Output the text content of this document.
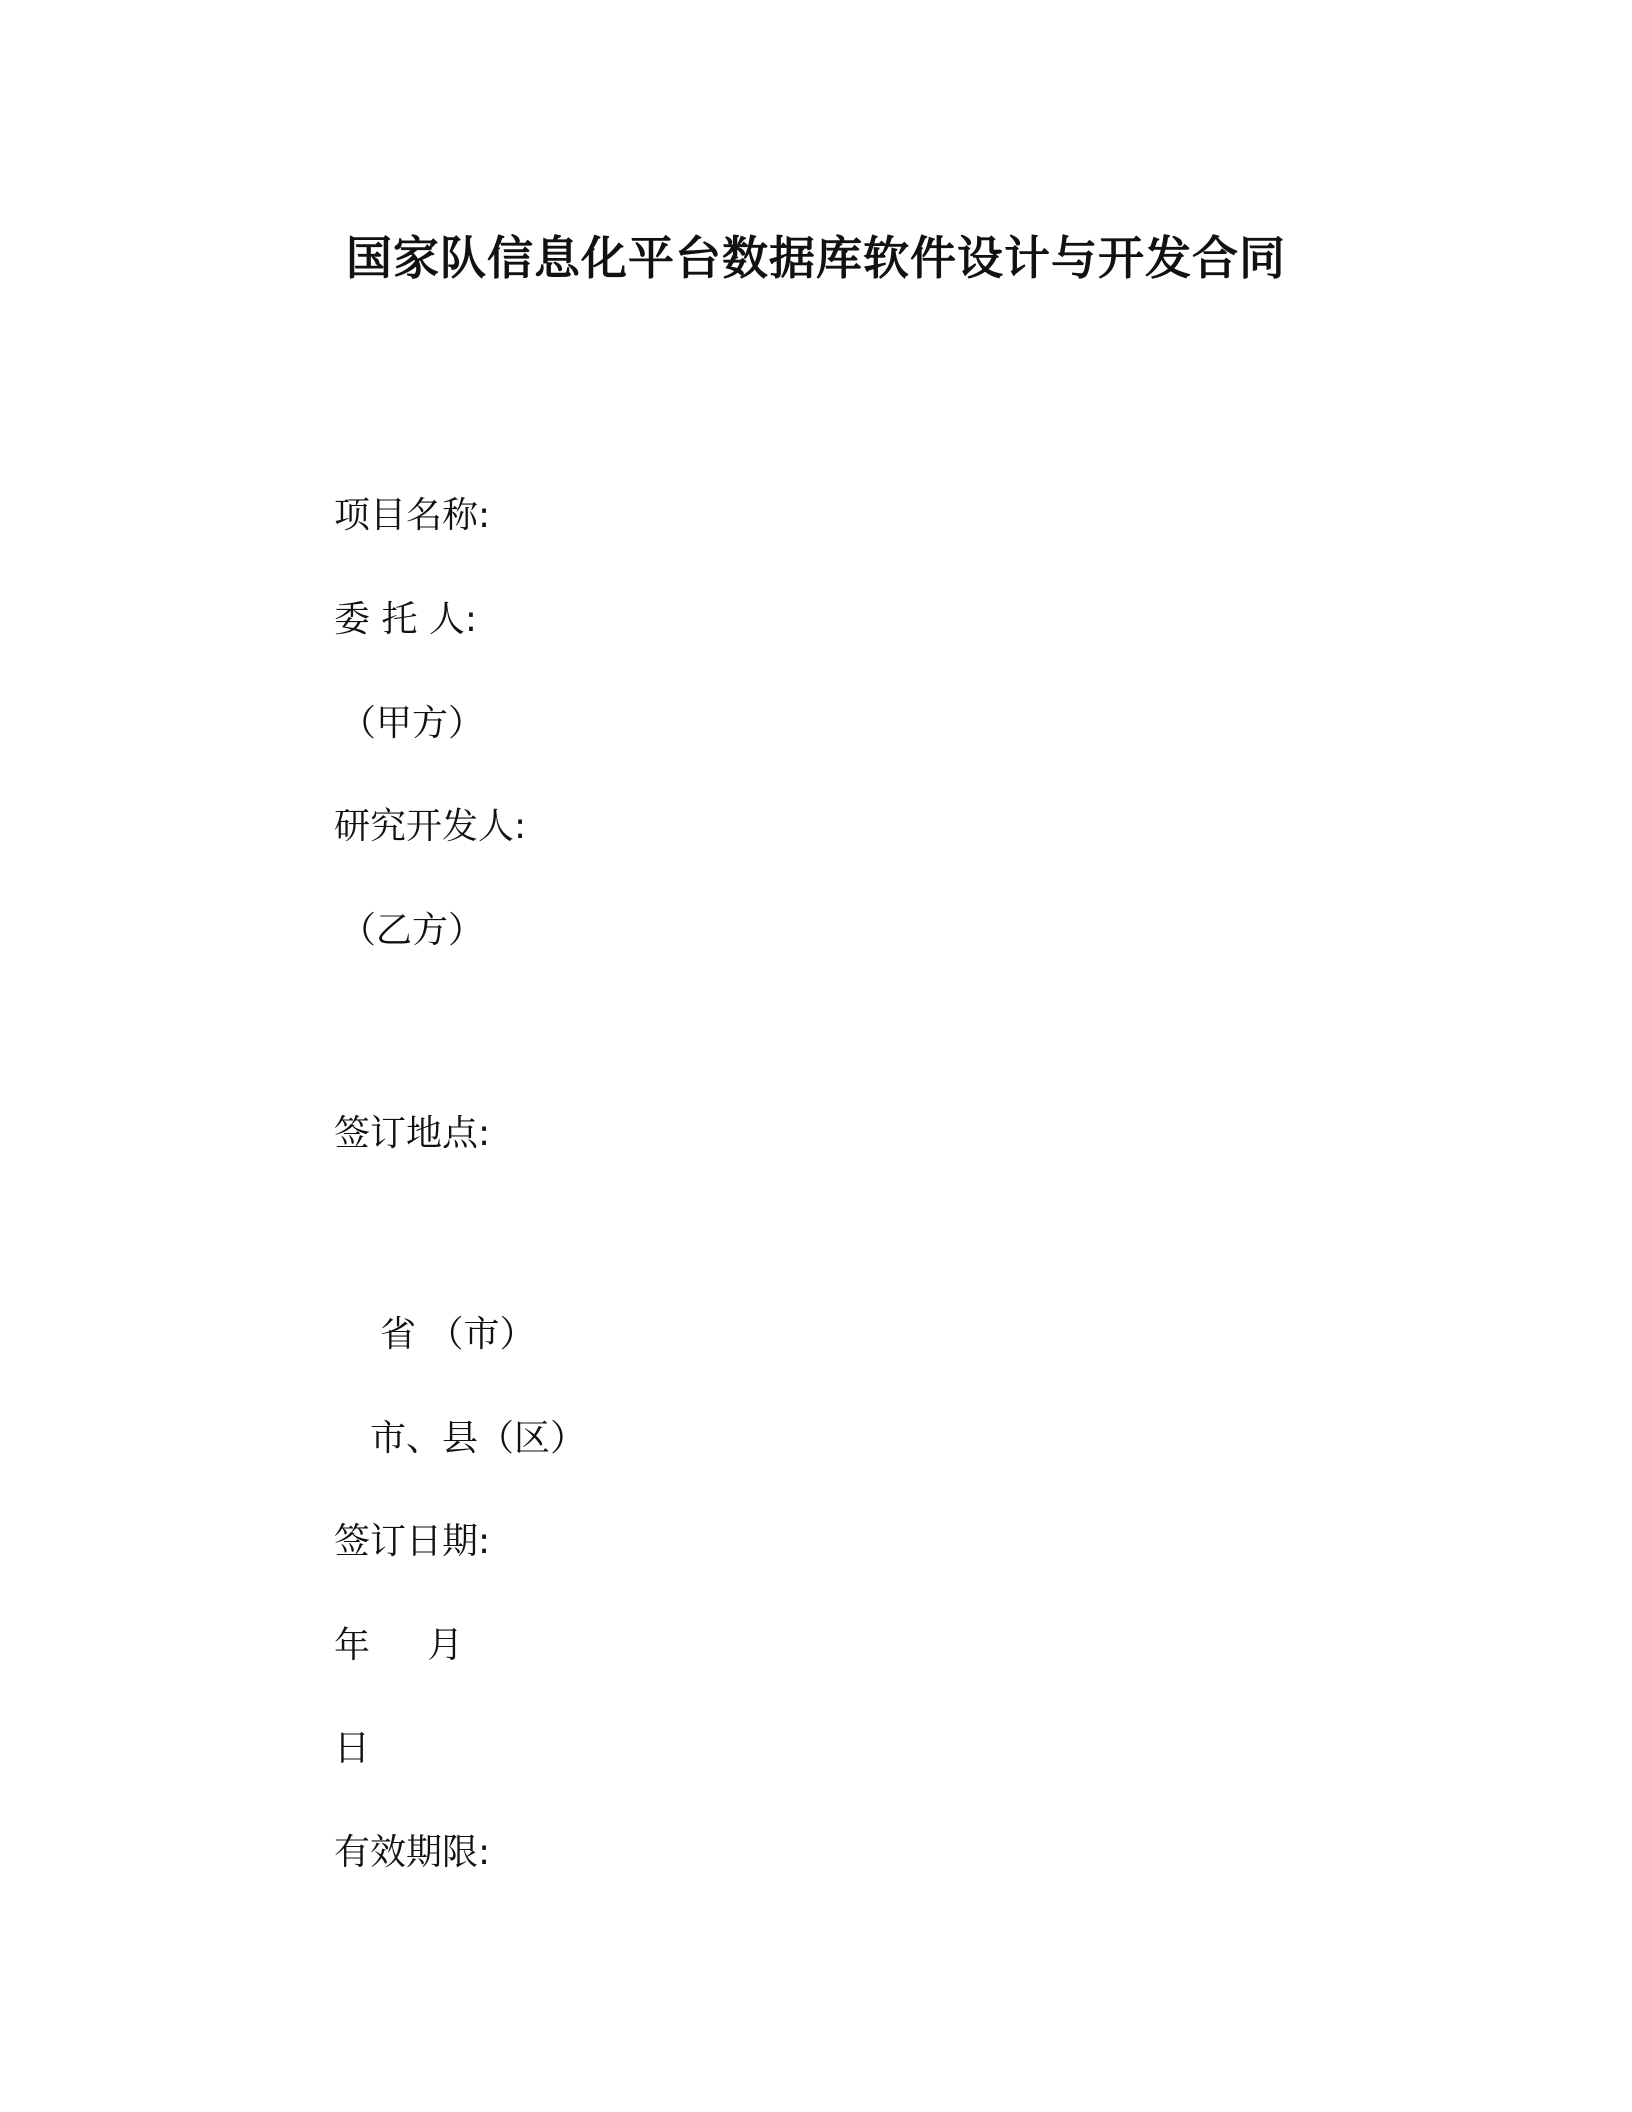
国家队信息化平台数据库软件设计与开发合同
项目名称:
委 托 人:
（甲方）
研究开发人:
（乙方）
签订地点:
省 （市）
市、县（区）
签订日期:
年     月
日
有效期限:
